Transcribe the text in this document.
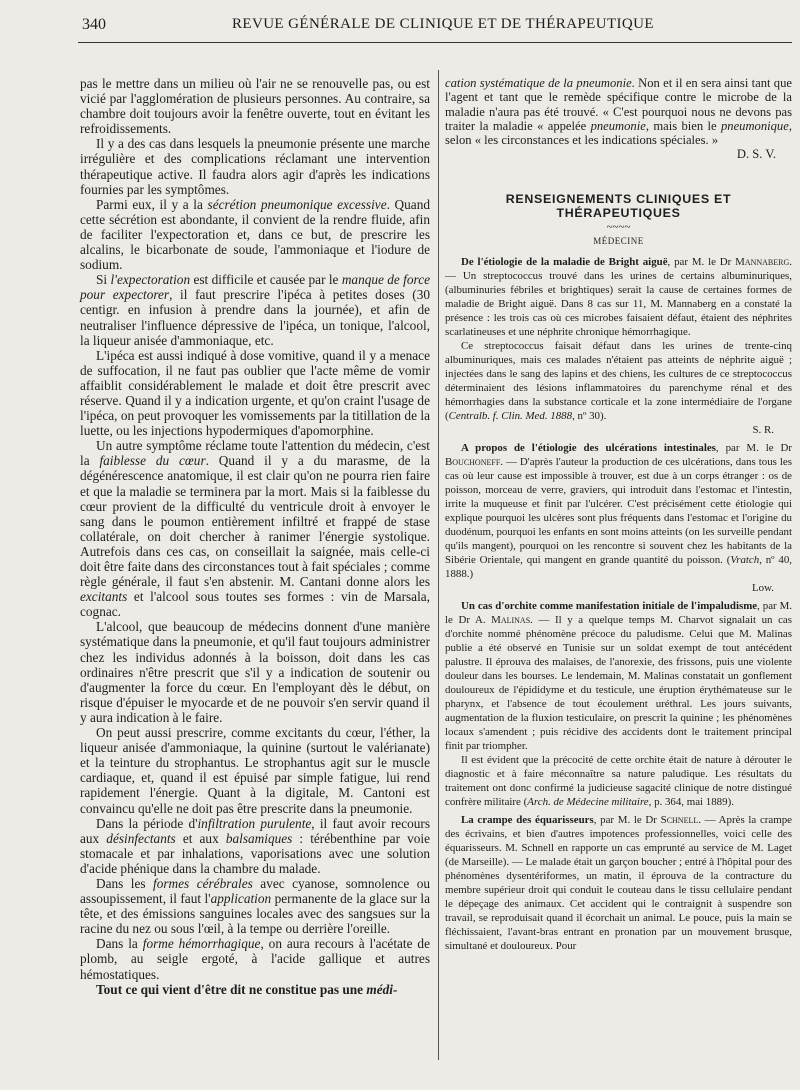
340	REVUE GÉNÉRALE DE CLINIQUE ET DE THÉRAPEUTIQUE

pas le mettre dans un milieu où l'air ne se renouvelle pas, ou est vicié par l'agglomération de plusieurs personnes. Au contraire, sa chambre doit toujours avoir la fenêtre ouverte, tout en évitant les refroidissements.

Il y a des cas dans lesquels la pneumonie présente une marche irrégulière et des complications réclamant une intervention thérapeutique active. Il faudra alors agir d'après les indications fournies par les symptômes.

Parmi eux, il y a la sécrétion pneumonique excessive. Quand cette sécrétion est abondante, il convient de la rendre fluide, afin de faciliter l'expectoration et, dans ce but, de prescrire les alcalins, le bicarbonate de soude, l'ammoniaque et l'iodure de sodium.

Si l'expectoration est difficile et causée par le manque de force pour expectorer, il faut prescrire l'ipéca à petites doses (30 centigr. en infusion à prendre dans la journée), et afin de neutraliser l'influence dépressive de l'ipéca, un tonique, l'alcool, la liqueur anisée d'ammoniaque, etc.

L'ipéca est aussi indiqué à dose vomitive, quand il y a menace de suffocation, il ne faut pas oublier que l'acte même de vomir affaiblit considérablement le malade et doit être prescrit avec réserve. Quand il y a indication urgente, et qu'on craint l'usage de l'ipéca, on peut provoquer les vomissements par la titillation de la luette, ou les injections hypodermiques d'apomorphine.

Un autre symptôme réclame toute l'attention du médecin, c'est la faiblesse du cœur. Quand il y a du marasme, de la dégénérescence anatomique, il est clair qu'on ne pourra rien faire et que la maladie se terminera par la mort. Mais si la faiblesse du cœur provient de la difficulté du ventricule droit à envoyer le sang dans le poumon entièrement infiltré et frappé de stase collatérale, on doit chercher à ranimer l'énergie systolique. Autrefois dans ces cas, on conseillait la saignée, mais celle-ci doit être faite dans des circonstances tout à fait spéciales ; comme règle générale, il faut s'en abstenir. M. Cantani donne alors les excitants et l'alcool sous toutes ses formes : vin de Marsala, cognac.

L'alcool, que beaucoup de médecins donnent d'une manière systématique dans la pneumonie, et qu'il faut toujours administrer chez les individus adonnés à la boisson, doit dans les cas ordinaires n'être prescrit que s'il y a indication de soutenir ou d'augmenter la force du cœur. En l'employant dès le début, on risque d'épuiser le myocarde et de ne pouvoir s'en servir quand il y aura indication à le faire.

On peut aussi prescrire, comme excitants du cœur, l'éther, la liqueur anisée d'ammoniaque, la quinine (surtout le valérianate) et la teinture du strophantus. Le strophantus agit sur le muscle cardiaque, et, quand il est épuisé par simple fatigue, lui rend rapidement l'énergie. Quant à la digitale, M. Cantoni est convaincu qu'elle ne doit pas être prescrite dans la pneumonie.

Dans la période d'infiltration purulente, il faut avoir recours aux désinfectants et aux balsamiques : térébenthine par voie stomacale et par inhalations, vaporisations avec une solution d'acide phénique dans la chambre du malade.

Dans les formes cérébrales avec cyanose, somnolence ou assoupissement, il faut l'application permanente de la glace sur la tête, et des émissions sanguines locales avec des sangsues sur la racine du nez ou sous l'œil, à la tempe ou derrière l'oreille.

Dans la forme hémorrhagique, on aura recours à l'acétate de plomb, au seigle ergoté, à l'acide gallique et autres hémostatiques.

Tout ce qui vient d'être dit ne constitue pas une médi-

cation systématique de la pneumonie. Non et il en sera ainsi tant que l'agent et tant que le remède spécifique contre le microbe de la maladie n'aura pas été trouvé. « C'est pourquoi nous ne devons pas traiter la maladie « appelée pneumonie, mais bien le pneumonique, selon « les circonstances et les indications spéciales. »

D. S. V.

RENSEIGNEMENTS CLINIQUES ET THÉRAPEUTIQUES

~~~~

MÉDECINE

De l'étiologie de la maladie de Bright aiguë, par M. le Dr Mannaberg. — Un streptococcus trouvé dans les urines de certains albuminuriques, (albuminuries fébriles et brightiques) serait la cause de certaines formes de maladie de Bright aiguë. Dans 8 cas sur 11, M. Mannaberg en a constaté la présence : les trois cas où ces microbes faisaient défaut, étaient des néphrites scarlatineuses et une néphrite chronique hémorrhagique.

Ce streptococcus faisait défaut dans les urines de trente-cinq albuminuriques, mais ces malades n'étaient pas atteints de néphrite aiguë ; injectées dans le sang des lapins et des chiens, les cultures de ce streptococcus déterminaient des lésions inflammatoires du parenchyme rénal et des hémorrhagies dans la substance corticale et la zone intermédiaire de l'organe (Centralb. f. Clin. Med. 1888, nº 30).

S. R.

A propos de l'étiologie des ulcérations intestinales, par M. le Dr Bouchoneff. — D'après l'auteur la production de ces ulcérations, dans tous les cas où leur cause est impossible à trouver, est due à un corps étranger : os de poisson, morceau de verre, graviers, qui introduit dans l'estomac et l'intestin, irrite la muqueuse et finit par l'ulcérer. C'est précisément cette étiologie qui explique pourquoi les ulcères sont plus fréquents dans l'estomac et l'origine du duodénum, pourquoi les enfants en sont moins atteints (on les surveille pendant qu'ils mangent), pourquoi on les rencontre si souvent chez les habitants de la Sibérie Orientale, qui mangent en grande quantité du poisson. (Vratch, nº 40, 1888.)

Low.

Un cas d'orchite comme manifestation initiale de l'impaludisme, par M. le Dr A. Malinas. — Il y a quelque temps M. Charvot signalait un cas d'orchite nommé phénomène précoce du paludisme. Celui que M. Malinas publie a été observé en Tunisie sur un soldat exempt de tout antécédent palustre. Il éprouva des malaises, de l'anorexie, des frissons, puis une violente douleur dans les bourses. Le lendemain, M. Malinas constatait un gonflement douloureux de l'épididyme et du testicule, une éruption érythémateuse sur le pharynx, et l'absence de tout écoulement uréthral. Les jours suivants, augmentation de la fluxion testiculaire, on prescrit la quinine ; les phénomènes locaux s'amendent ; puis récidive des accidents dont le traitement principal finit par triompher.

Il est évident que la précocité de cette orchite était de nature à dérouter le diagnostic et à faire méconnaître sa nature paludique. Les résultats du traitement ont donc confirmé la judicieuse sagacité clinique de notre distingué confrère militaire (Arch. de Médecine militaire, p. 364, mai 1889).

La crampe des équarisseurs, par M. le Dr Schnell. — Après la crampe des écrivains, et bien d'autres impotences professionnelles, voici celle des équarisseurs. M. Schnell en rapporte un cas emprunté au service de M. Laget (de Marseille). — Le malade était un garçon boucher ; entré à l'hôpital pour des phénomènes dysentériformes, un matin, il éprouva de la contracture du membre supérieur droit qui conduit le couteau dans le tissu cellulaire pendant le dépeçage des animaux. Cet accident qui le contraignit à suspendre son travail, se reproduisait quand il écorchait un animal. Le pouce, puis la main se fléchissaient, l'avant-bras entrant en pronation par un mouvement brusque, simultané et douloureux. Pour
